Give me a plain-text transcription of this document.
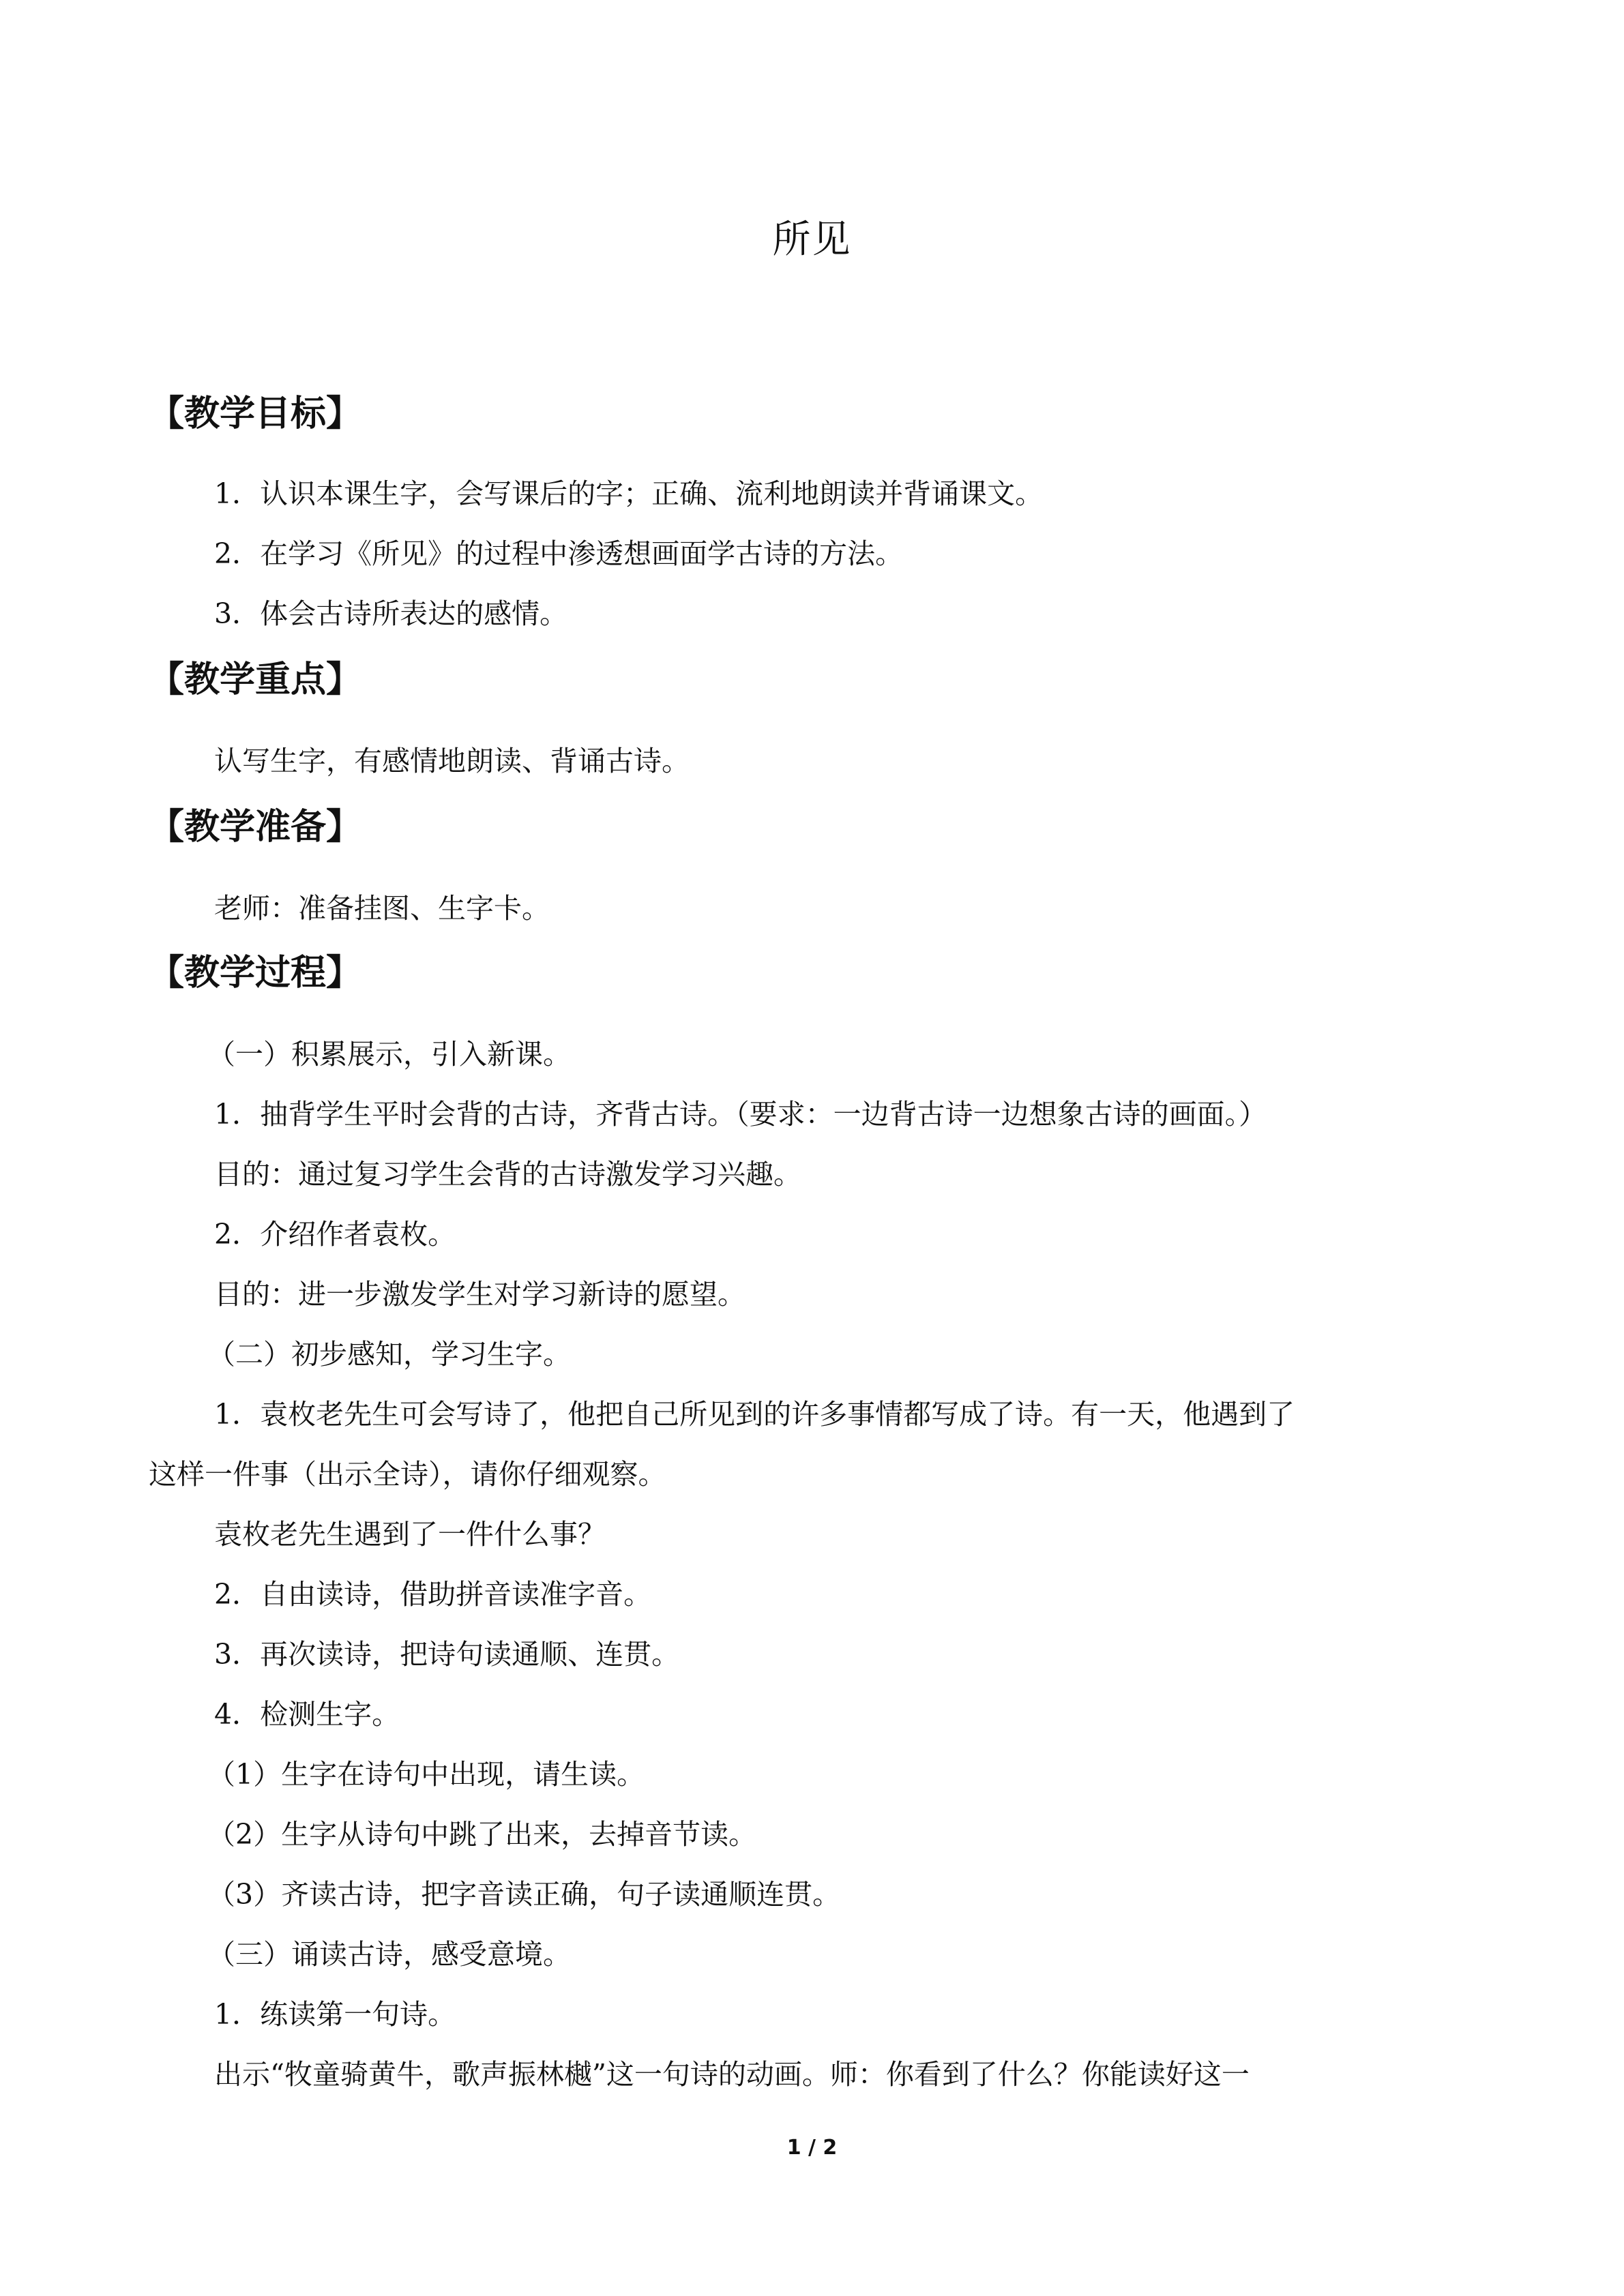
所见
【教学目标】
1．认识本课生字，会写课后的字；正确、流利地朗读并背诵课文。
2．在学习《所见》的过程中渗透想画面学古诗的方法。
3．体会古诗所表达的感情。
【教学重点】
认写生字，有感情地朗读、背诵古诗。
【教学准备】
老师：准备挂图、生字卡。
【教学过程】
（一）积累展示，引入新课。
1．抽背学生平时会背的古诗，齐背古诗。（要求：一边背古诗一边想象古诗的画面。）
目的：通过复习学生会背的古诗激发学习兴趣。
2．介绍作者袁枚。
目的：进一步激发学生对学习新诗的愿望。
（二）初步感知，学习生字。
1．袁枚老先生可会写诗了，他把自己所见到的许多事情都写成了诗。有一天，他遇到了
这样一件事（出示全诗），请你仔细观察。
袁枚老先生遇到了一件什么事？
2．自由读诗，借助拼音读准字音。
3．再次读诗，把诗句读通顺、连贯。
4．检测生字。
（1）生字在诗句中出现，请生读。
（2）生字从诗句中跳了出来，去掉音节读。
（3）齐读古诗，把字音读正确，句子读通顺连贯。
（三）诵读古诗，感受意境。
1．练读第一句诗。
出示“牧童骑黄牛，歌声振林樾”这一句诗的动画。师：你看到了什么？你能读好这一
1 / 2
